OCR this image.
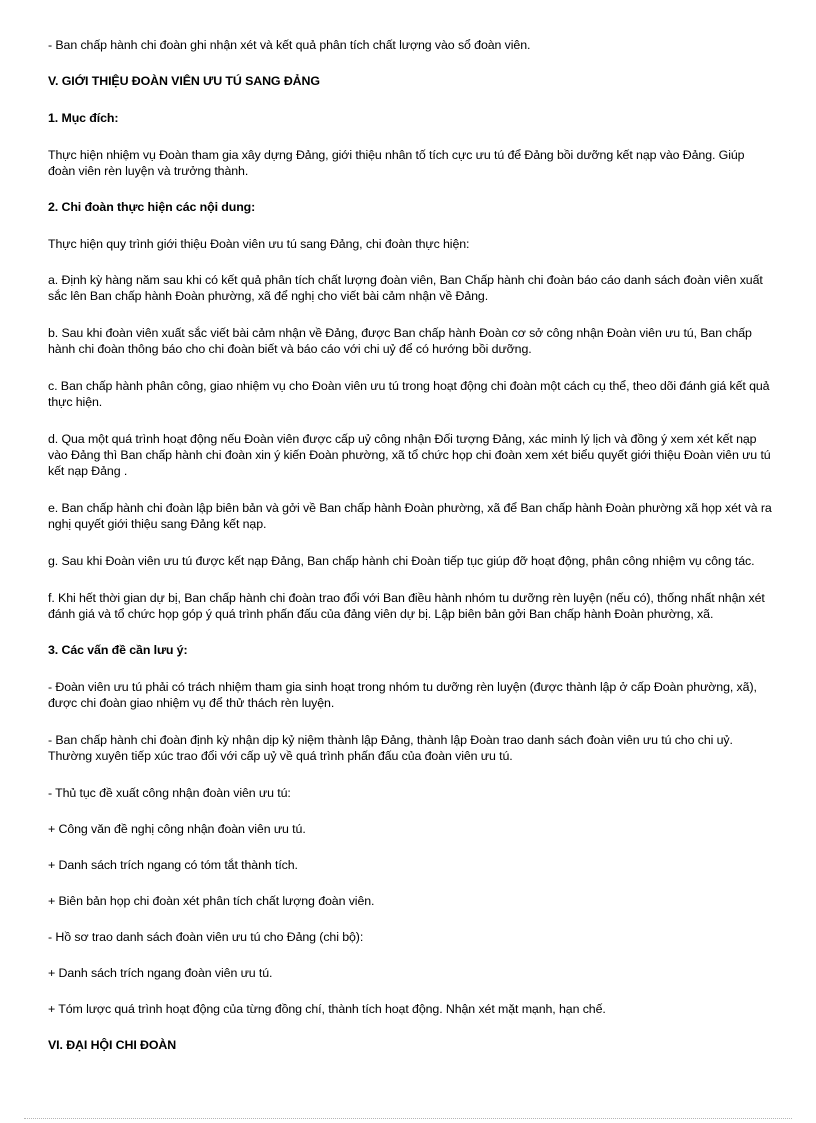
- Ban chấp hành chi đoàn ghi nhận xét và kết quả phân tích chất lượng vào sổ đoàn viên.

V. GIỚI THIỆU ĐOÀN VIÊN ƯU TÚ SANG ĐẢNG

1. Mục đích:

Thực hiện nhiệm vụ Đoàn tham gia xây dựng Đảng, giới thiệu nhân tố tích cực ưu tú để Đảng bồi dưỡng kết nạp vào Đảng. Giúp đoàn viên rèn luyện và trưởng thành.

2. Chi đoàn thực hiện các nội dung:

Thực hiện quy trình giới thiệu Đoàn viên ưu tú sang Đảng, chi đoàn thực hiện:

a. Định kỳ hàng năm sau khi có kết quả phân tích chất lượng đoàn viên, Ban Chấp hành chi đoàn báo cáo danh sách đoàn viên xuất sắc lên Ban chấp hành Đoàn phường, xã để nghị cho viết bài cảm nhận về Đảng.

b. Sau khi đoàn viên xuất sắc viết bài cảm nhận về Đảng, được Ban chấp hành Đoàn cơ sở công nhận Đoàn viên ưu tú, Ban chấp hành chi đoàn thông báo cho chi đoàn biết và báo cáo với chi uỷ để có hướng bồi dưỡng.

c. Ban chấp hành phân công, giao nhiệm vụ cho Đoàn viên ưu tú trong hoạt động chi đoàn một cách cụ thể, theo dõi đánh giá kết quả thực hiện.

d. Qua một quá trình hoạt động nếu Đoàn viên được cấp uỷ công nhận Đối tượng Đảng, xác minh lý lịch và đồng ý xem xét kết nạp vào Đảng thì Ban chấp hành chi đoàn xin ý kiến Đoàn phường, xã tổ chức họp chi đoàn xem xét biểu quyết giới thiệu Đoàn viên ưu tú kết nạp Đảng .

e. Ban chấp hành chi đoàn lập biên bản và gởi về Ban chấp hành Đoàn phường, xã để Ban chấp hành Đoàn phường xã họp xét và ra nghị quyết giới thiệu sang Đảng kết nạp.

g. Sau khi Đoàn viên ưu tú được kết nạp Đảng, Ban chấp hành chi Đoàn tiếp tục giúp đỡ hoạt động, phân công nhiệm vụ công tác.

f. Khi hết thời gian dự bị, Ban chấp hành chi đoàn trao đổi với Ban điều hành nhóm tu dưỡng rèn luyện (nếu có), thống nhất nhận xét đánh giá và tổ chức họp góp ý quá trình phấn đấu của đảng viên dự bị. Lập biên bản gởi Ban chấp hành Đoàn phường, xã.

3. Các vấn đề cần lưu ý:

- Đoàn viên ưu tú phải có trách nhiệm tham gia sinh hoạt trong nhóm tu dưỡng rèn luyện (được thành lập ở cấp Đoàn phường, xã), được chi đoàn giao nhiệm vụ để thử thách rèn luyện.

- Ban chấp hành chi đoàn định kỳ nhận dịp kỷ niệm thành lập Đảng, thành lập Đoàn trao danh sách đoàn viên ưu tú cho chi uỷ. Thường xuyên tiếp xúc trao đổi với cấp uỷ về quá trình phấn đấu của đoàn viên ưu tú.

- Thủ tục đề xuất công nhận đoàn viên ưu tú:

+ Công văn đề nghị công nhận đoàn viên ưu tú.

+ Danh sách trích ngang có tóm tắt thành tích.

+ Biên bản họp chi đoàn xét phân tích chất lượng đoàn viên.

- Hồ sơ trao danh sách đoàn viên ưu tú cho Đảng (chi bộ):

+ Danh sách trích ngang đoàn viên ưu tú.

+ Tóm lược quá trình hoạt động của từng đồng chí, thành tích hoạt động. Nhận xét mặt mạnh, hạn chế.

VI. ĐẠI HỘI CHI ĐOÀN
